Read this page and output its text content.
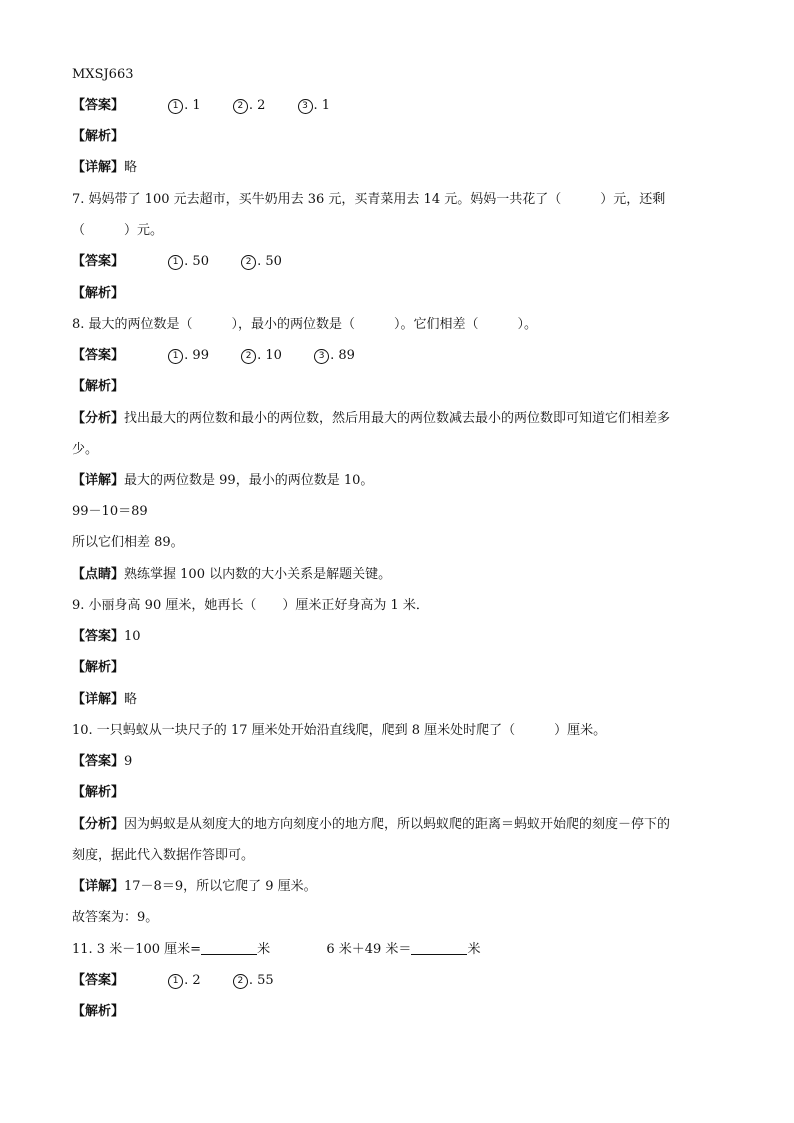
MXSJ663
【答案】	1 . 1	2 . 2	3 . 1
【解析】
【详解】略
7. 妈妈带了 100 元去超市，买牛奶用去 36 元，买青菜用去 14 元。妈妈一共花了（　　　）元，还剩
（　　　）元。
【答案】	1 . 50	2 . 50
【解析】
8. 最大的两位数是（　　　），最小的两位数是（　　　）。它们相差（　　　）。
【答案】	1 . 99	2 . 10	3 . 89
【解析】
【分析】找出最大的两位数和最小的两位数，然后用最大的两位数减去最小的两位数即可知道它们相差多
少。
【详解】最大的两位数是 99，最小的两位数是 10。
99－10＝89
所以它们相差 89。
【点睛】熟练掌握 100 以内数的大小关系是解题关键。
9. 小丽身高 90 厘米，她再长（　　）厘米正好身高为 1 米．
【答案】10
【解析】
【详解】略
10. 一只蚂蚁从一块尺子的 17 厘米处开始沿直线爬，爬到 8 厘米处时爬了（　　　）厘米。
【答案】9
【解析】
【分析】因为蚂蚁是从刻度大的地方向刻度小的地方爬，所以蚂蚁爬的距离＝蚂蚁开始爬的刻度－停下的
刻度，据此代入数据作答即可。
【详解】17－8＝9，所以它爬了 9 厘米。
故答案为：9。
11. 3 米－100 厘米=	米	6 米＋49 米＝	米
【答案】	1 . 2	2 . 55
【解析】
